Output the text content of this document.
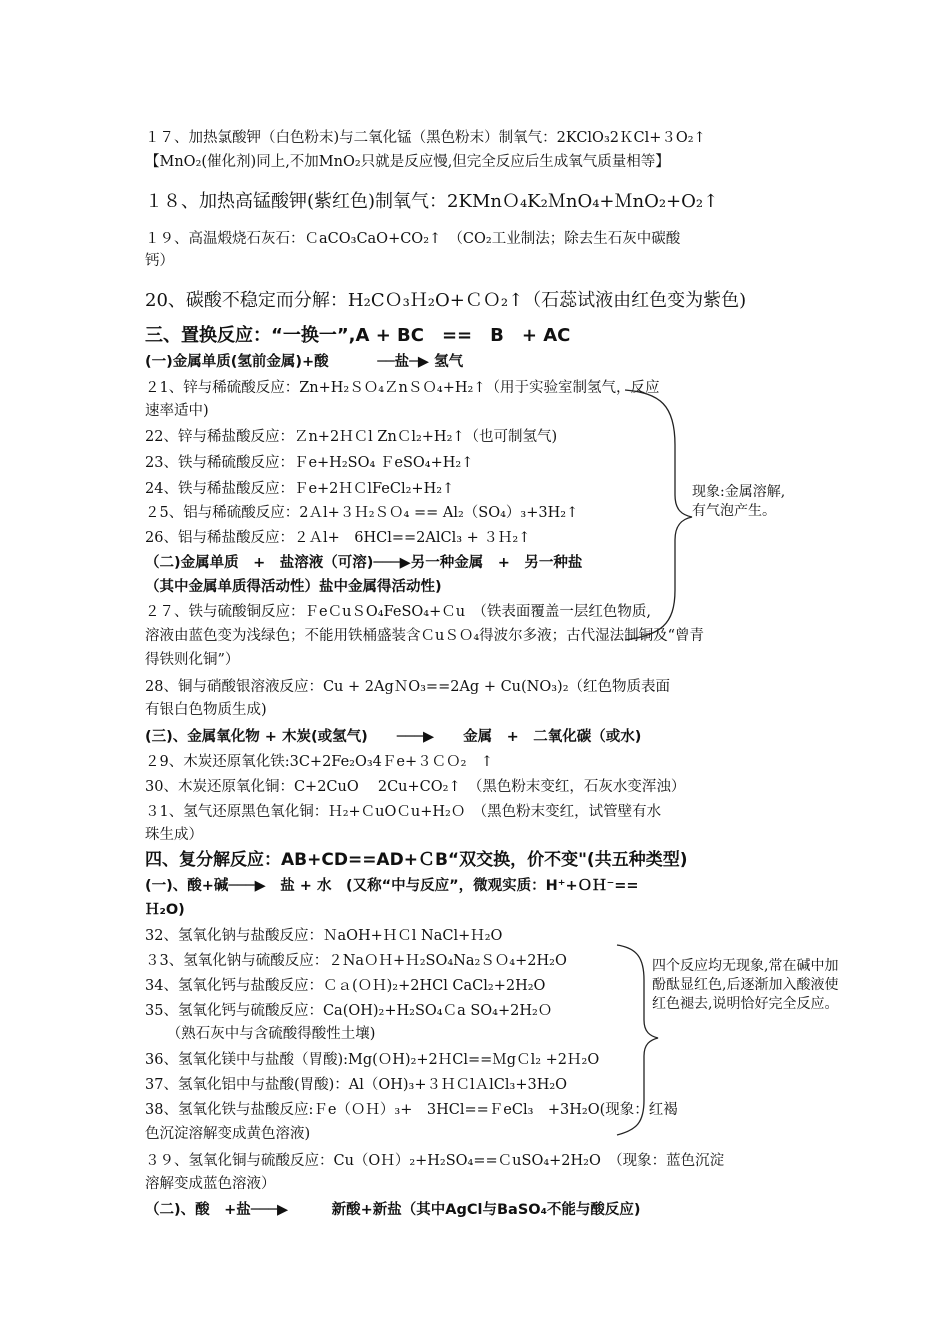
１７、加热氯酸钾（白色粉末)与二氧化锰（黑色粉末）制氧气：2KClO₃2ＫCl+３O₂↑
【MnO₂(催化剂)同上,不加MnO₂只就是反应慢,但完全反应后生成氧气质量相等】
１８、加热高锰酸钾(紫红色)制氧气：2KMnＯ₄K₂ＭnO₄+ＭnO₂+O₂↑
１９、高温煅烧石灰石：ＣaCO₃CaO+CO₂↑　（CO₂工业制法；除去生石灰中碳酸
钙）
20、碳酸不稳定而分解：H₂CＯ₃Ｈ₂O+ＣＯ₂↑（石蕊试液由红色变为紫色)
三、置换反应：“一换一”,A + BC　==　B　+ AC
(一)金属单质(氢前金属)+酸　　　 ──盐─▶ 氢气
２1、锌与稀硫酸反应：Zn+H₂ＳＯ₄ＺnＳＯ₄+H₂↑（用于实验室制氢气，反应
速率适中)
22、锌与稀盐酸反应：Ｚn+2ＨＣl ZnＣl₂+H₂↑（也可制氢气)
23、铁与稀硫酸反应：Ｆe+H₂SO₄ ＦeSO₄+H₂↑
24、铁与稀盐酸反应：Ｆe+2ＨＣlFeCl₂+H₂↑
２5、铝与稀硫酸反应：2Ａl+３Ｈ₂ＳＯ₄ == Al₂（SO₄）₃+3H₂↑
26、铝与稀盐酸反应：２Ａl+　6HCl==2AlCl₃ + ３Ｈ₂↑
（二)金属单质　+　盐溶液（可溶)───▶另一种金属　+　另一种盐
（其中金属单质得活动性）盐中金属得活动性)
２７、铁与硫酸铜反应：ＦeＣuＳO₄FeSO₄+Ｃu　（铁表面覆盖一层红色物质,
溶液由蓝色变为浅绿色；不能用铁桶盛装含ＣuＳＯ₄得波尔多液；古代湿法制铜及“曾青
得铁则化铜”）
28、铜与硝酸银溶液反应：Cu + 2AgＮO₃==2Ag + Cu(NO₃)₂（红色物质表面
有银白色物质生成)
(三)、金属氧化物 + 木炭(或氢气)　　───▶　　金属　+　二氧化碳（或水)
２9、木炭还原氧化铁:3C+2Fe₂O₃4Ｆe+３ＣＯ₂　↑
30、木炭还原氧化铜：C+2CuO　 2Cu+CO₂↑　（黑色粉末变红，石灰水变浑浊）
３1、氢气还原黑色氧化铜：Ｈ₂+ＣuOＣu+H₂Ｏ　（黑色粉末变红，试管壁有水
珠生成）
四、复分解反应：AB+CD==AD+ＣB“双交换，价不变"(共五种类型)
(一)、酸+碱───▶　盐 + 水　(又称“中与反应”，微观实质：H⁺+ＯＨ⁻==
Ｈ₂O)
32、氢氧化钠与盐酸反应：ＮaOH+ＨＣl NaCl+Ｈ₂O
３3、氢氧化钠与硫酸反应：２NaＯＨ+Ｈ₂SO₄Na₂ＳＯ₄+2H₂O
34、氢氧化钙与盐酸反应：Ｃａ(ＯＨ)₂+2HCl CaCl₂+2H₂O
35、氢氧化钙与硫酸反应：Ca(OH)₂+H₂SO₄Ｃa SO₄+2H₂Ｏ
　　（熟石灰中与含硫酸得酸性土壤)
36、氢氧化镁中与盐酸（胃酸):Mg(ＯH)₂+2ＨCl==ＭgＣl₂ +2Ｈ₂O
37、氢氧化铝中与盐酸(胃酸)：Al（OH)₃+３ＨＣlＡlCl₃+3H₂O
38、氢氧化铁与盐酸反应:Ｆe（ＯＨ）₃+　3HCl==ＦeCl₃　+3H₂O(现象：红褐
色沉淀溶解变成黄色溶液)
３９、氢氧化铜与硫酸反应：Cu（OＨ）₂+H₂SO₄==ＣuSO₄+2H₂O　（现象：蓝色沉淀
溶解变成蓝色溶液）
（二)、酸　+盐───▶　　　新酸+新盐（其中AgCl与BaSO₄不能与酸反应)
现象:金属溶解,有气泡产生。
四个反应均无现象,常在碱中加酚酞显红色,后逐渐加入酸液使红色褪去,说明恰好完全反应。
